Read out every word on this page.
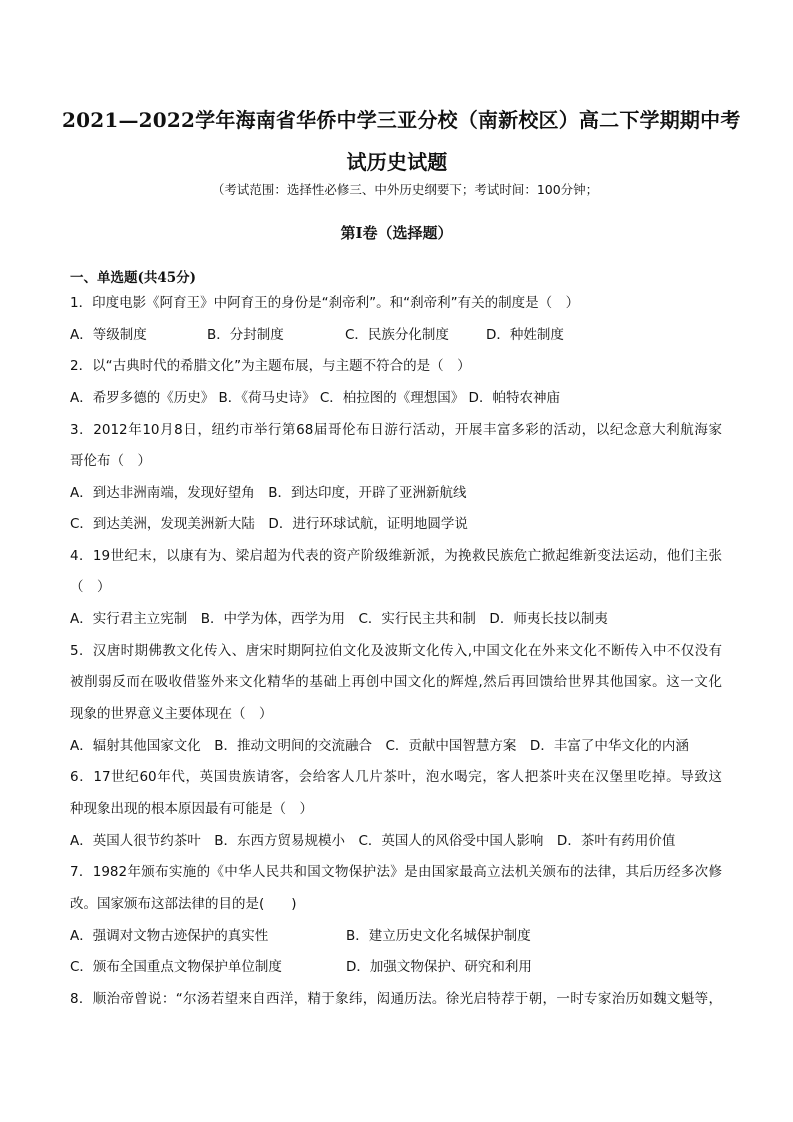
2021—2022学年海南省华侨中学三亚分校（南新校区）高二下学期期中考
试历史试题
（考试范围：选择性必修三、中外历史纲要下；考试时间：100分钟；
第I卷（选择题）
一、单选题(共45分)
1．印度电影《阿育王》中阿育王的身份是“刹帝利”。和“刹帝利”有关的制度是（　）
A．等级制度	B．分封制度	C．民族分化制度	D．种姓制度
2．以“古典时代的希腊文化”为主题布展，与主题不符合的是（　）
A．希罗多德的《历史》 B．《荷马史诗》 C．柏拉图的《理想国》 D．帕特农神庙
3．2012年10月8日，纽约市举行第68届哥伦布日游行活动，开展丰富多彩的活动，以纪念意大利航海家
哥伦布（　）
A．到达非洲南端，发现好望角　B．到达印度，开辟了亚洲新航线
C．到达美洲，发现美洲新大陆　D．进行环球试航，证明地圆学说
4．19世纪末，以康有为、梁启超为代表的资产阶级维新派，为挽救民族危亡掀起维新变法运动，他们主张
（　）
A．实行君主立宪制　B．中学为体，西学为用　C．实行民主共和制　D．师夷长技以制夷
5．汉唐时期佛教文化传入、唐宋时期阿拉伯文化及波斯文化传入,中国文化在外来文化不断传入中不仅没有
被削弱反而在吸收借鉴外来文化精华的基础上再创中国文化的辉煌,然后再回馈给世界其他国家。这一文化
现象的世界意义主要体现在（　）
A．辐射其他国家文化　B．推动文明间的交流融合　C．贡献中国智慧方案　D．丰富了中华文化的内涵
6．17世纪60年代，英国贵族请客，会给客人几片茶叶，泡水喝完，客人把茶叶夹在汉堡里吃掉。导致这
种现象出现的根本原因最有可能是（　）
A．英国人很节约茶叶　B．东西方贸易规模小　C．英国人的风俗受中国人影响　D．茶叶有药用价值
7．1982年颁布实施的《中华人民共和国文物保护法》是由国家最高立法机关颁布的法律，其后历经多次修
改。国家颁布这部法律的目的是(　　)
A．强调对文物古迹保护的真实性	B．建立历史文化名城保护制度
C．颁布全国重点文物保护单位制度	D．加强文物保护、研究和利用
8．顺治帝曾说：“尔汤若望来自西洋，精于象纬，闳通历法。徐光启特荐于朝，一时专家治历如魏文魁等，
